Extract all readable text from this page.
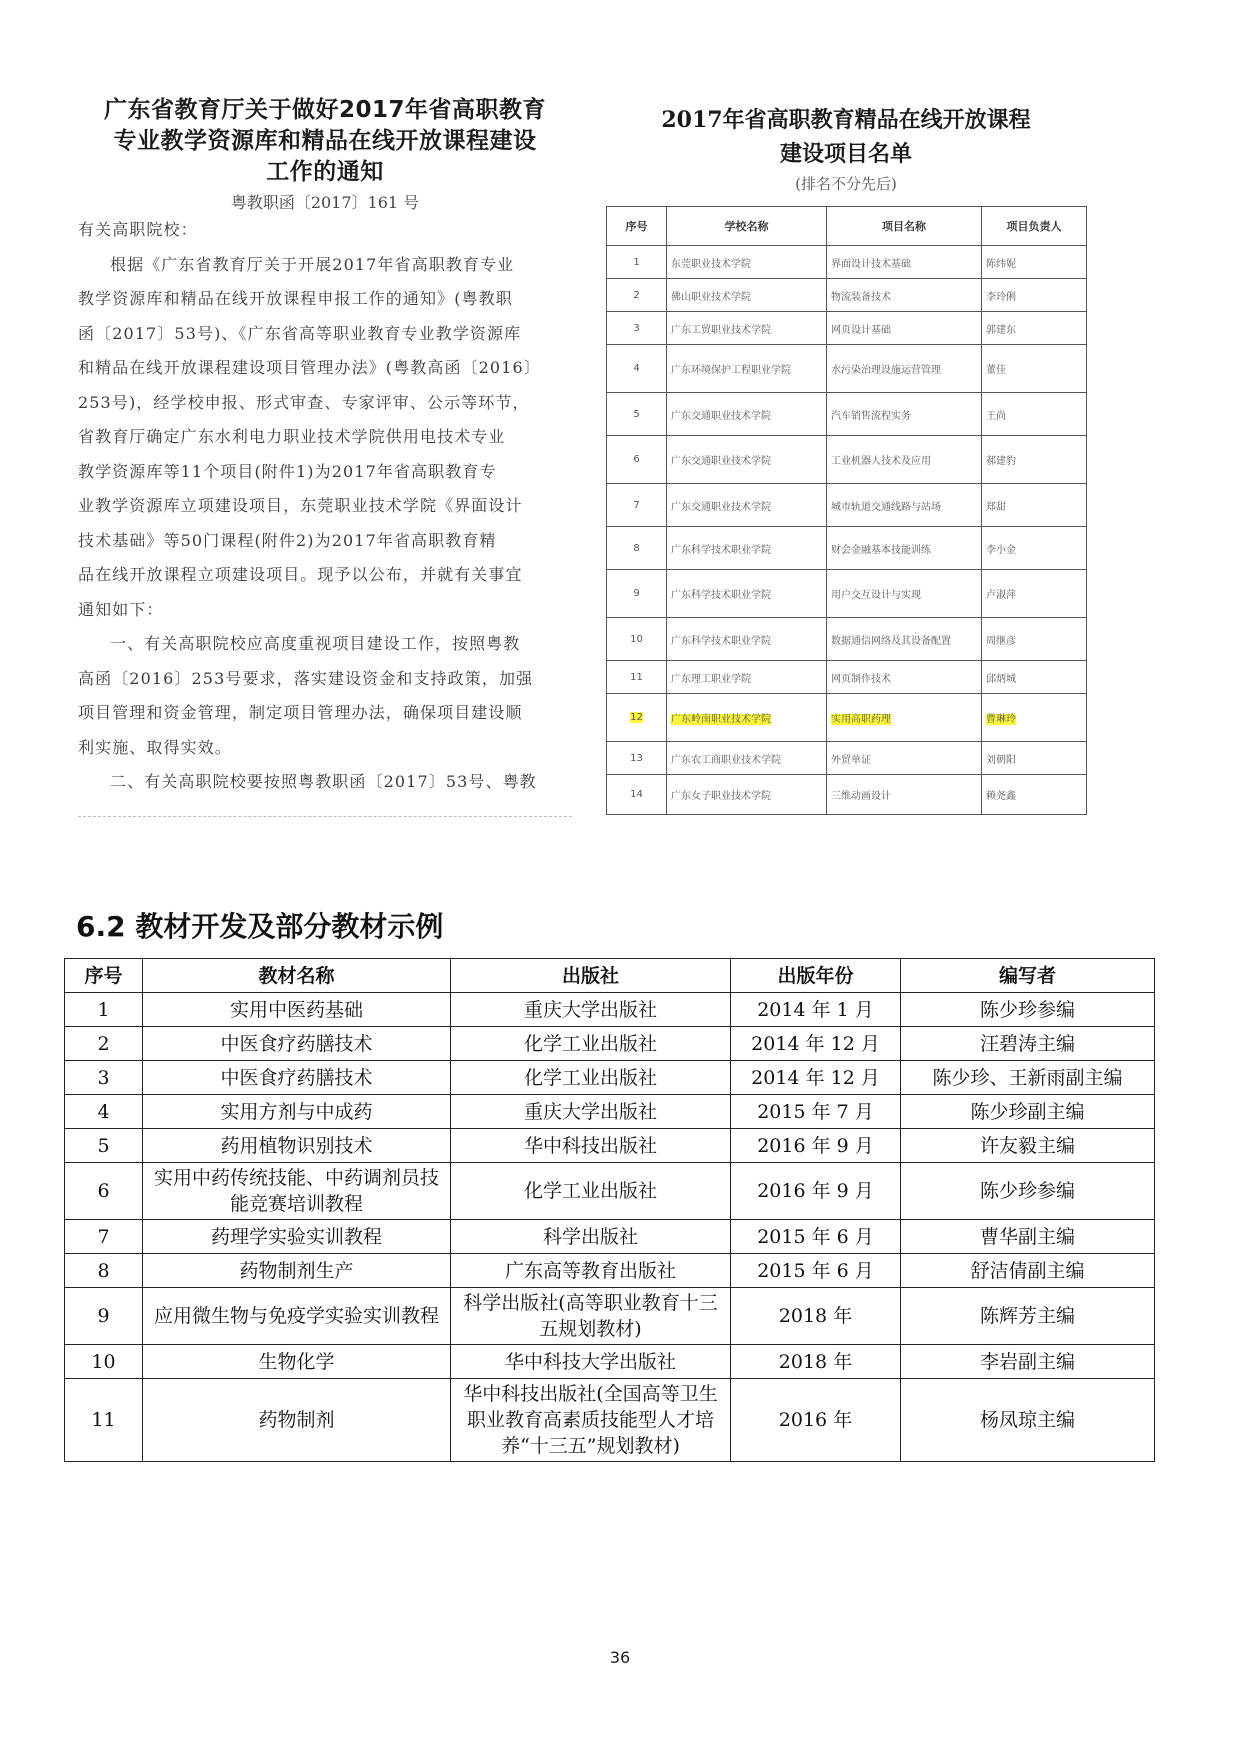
广东省教育厅关于做好2017年省高职教育
专业教学资源库和精品在线开放课程建设
工作的通知
粤教职函〔2017〕161 号
有关高职院校：
根据《广东省教育厅关于开展2017年省高职教育专业
教学资源库和精品在线开放课程申报工作的通知》(粤教职
函〔2017〕53号)、《广东省高等职业教育专业教学资源库
和精品在线开放课程建设项目管理办法》(粤教高函〔2016〕
253号)，经学校申报、形式审查、专家评审、公示等环节，
省教育厅确定广东水利电力职业技术学院供用电技术专业
教学资源库等11个项目(附件1)为2017年省高职教育专
业教学资源库立项建设项目，东莞职业技术学院《界面设计
技术基础》等50门课程(附件2)为2017年省高职教育精
品在线开放课程立项建设项目。现予以公布，并就有关事宜
通知如下：
一、有关高职院校应高度重视项目建设工作，按照粤教
高函〔2016〕253号要求，落实建设资金和支持政策，加强
项目管理和资金管理，制定项目管理办法，确保项目建设顺
利实施、取得实效。
二、有关高职院校要按照粤教职函〔2017〕53号、粤教
2017年省高职教育精品在线开放课程
建设项目名单
(排名不分先后)
序号	学校名称	项目名称	项目负责人
1	东莞职业技术学院	界面设计技术基础	陈纬妮
2	佛山职业技术学院	物流装备技术	李玲俐
3	广东工贸职业技术学院	网页设计基础	郭建东
4	广东环境保护工程职业学院	水污染治理设施运营管理	董佳
5	广东交通职业技术学院	汽车销售流程实务	王尚
6	广东交通职业技术学院	工业机器人技术及应用	郝建豹
7	广东交通职业技术学院	城市轨道交通线路与站场	郑甜
8	广东科学技术职业学院	财会金融基本技能训练	李小金
9	广东科学技术职业学院	用户交互设计与实现	卢淑萍
10	广东科学技术职业学院	数据通信网络及其设备配置	周继彦
11	广东理工职业学院	网页制作技术	邱炳城
12	广东岭南职业技术学院	实用高职药理	曹琳玲
13	广东农工商职业技术学院	外贸单证	刘朝阳
14	广东女子职业技术学院	三维动画设计	赖尧鑫
6.2 教材开发及部分教材示例
序号	教材名称	出版社	出版年份	编写者
1	实用中医药基础	重庆大学出版社	2014 年 1 月	陈少珍参编
2	中医食疗药膳技术	化学工业出版社	2014 年 12 月	汪碧涛主编
3	中医食疗药膳技术	化学工业出版社	2014 年 12 月	陈少珍、王新雨副主编
4	实用方剂与中成药	重庆大学出版社	2015 年 7 月	陈少珍副主编
5	药用植物识别技术	华中科技出版社	2016 年 9 月	许友毅主编
6	实用中药传统技能、中药调剂员技能竞赛培训教程	化学工业出版社	2016 年 9 月	陈少珍参编
7	药理学实验实训教程	科学出版社	2015 年 6 月	曹华副主编
8	药物制剂生产	广东高等教育出版社	2015 年 6 月	舒洁倩副主编
9	应用微生物与免疫学实验实训教程	科学出版社(高等职业教育十三五规划教材)	2018 年	陈辉芳主编
10	生物化学	华中科技大学出版社	2018 年	李岩副主编
11	药物制剂	华中科技出版社(全国高等卫生职业教育高素质技能型人才培养“十三五”规划教材)	2016 年	杨凤琼主编
36
